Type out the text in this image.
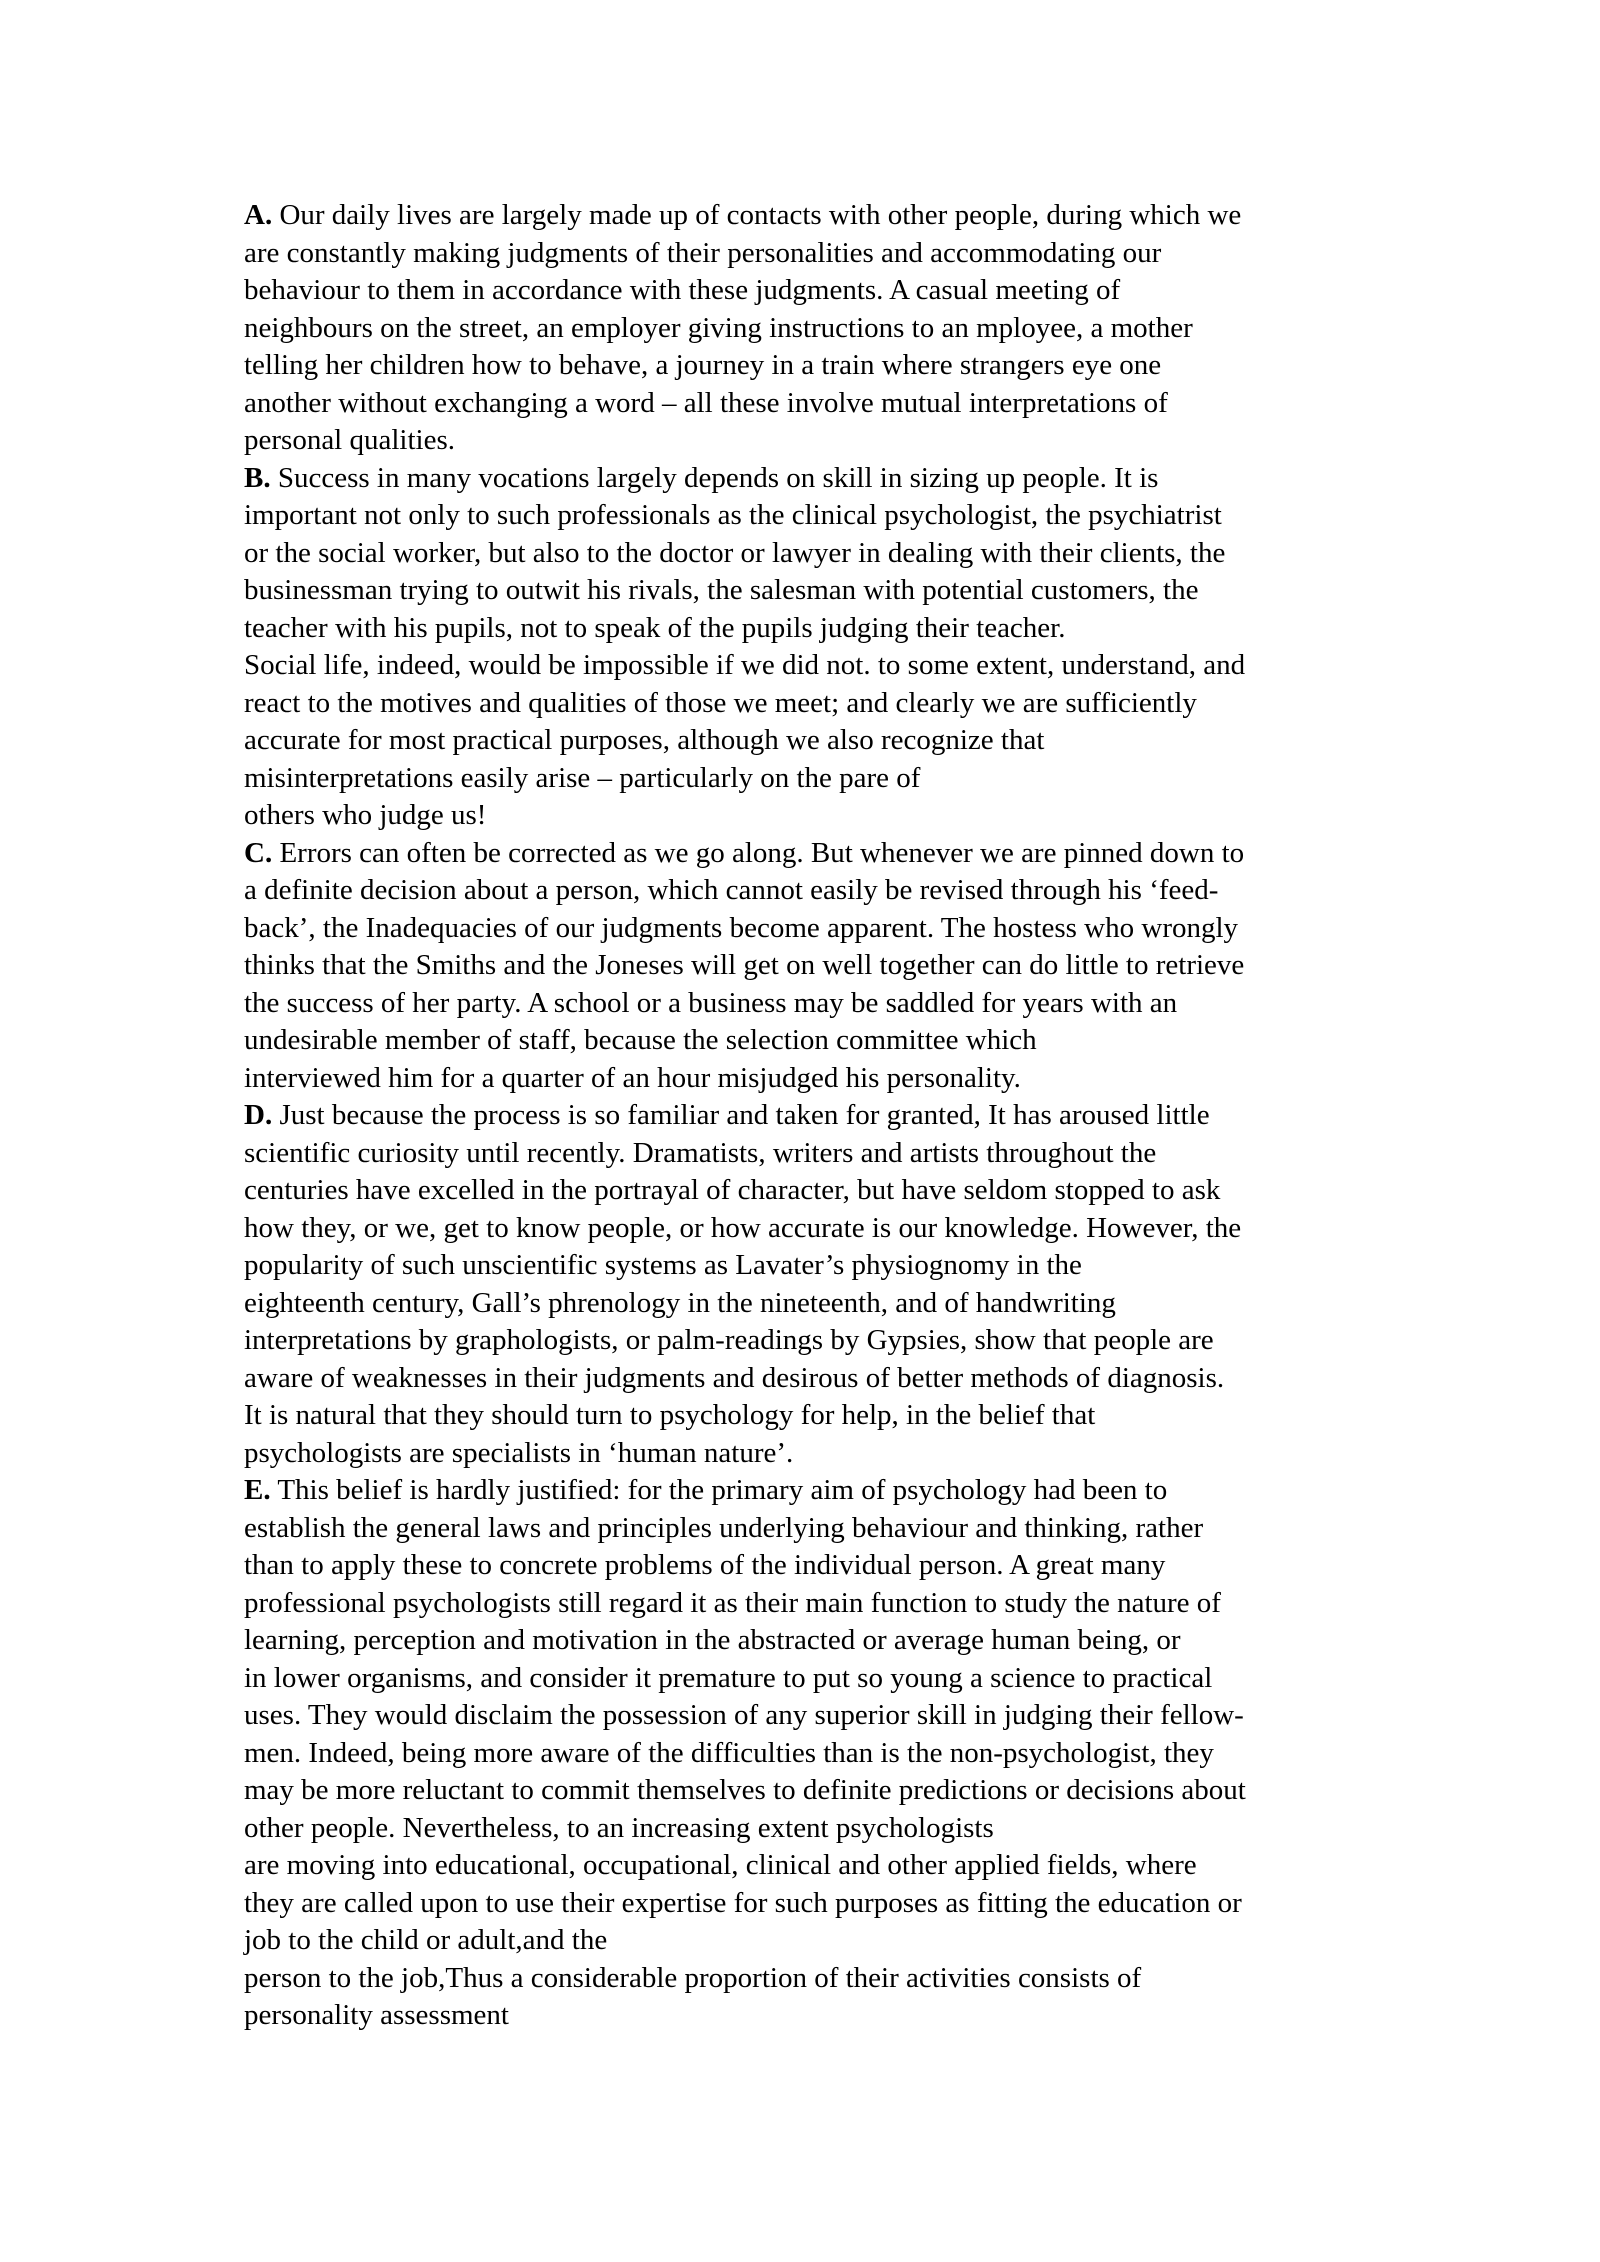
A. Our daily lives are largely made up of contacts with other people, during which we
are constantly making judgments of their personalities and accommodating our
behaviour to them in accordance with these judgments. A casual meeting of
neighbours on the street, an employer giving instructions to an mployee, a mother
telling her children how to behave, a journey in a train where strangers eye one
another without exchanging a word – all these involve mutual interpretations of
personal qualities.
B. Success in many vocations largely depends on skill in sizing up people. It is
important not only to such professionals as the clinical psychologist, the psychiatrist
or the social worker, but also to the doctor or lawyer in dealing with their clients, the
businessman trying to outwit his rivals, the salesman with potential customers, the
teacher with his pupils, not to speak of the pupils judging their teacher.
Social life, indeed, would be impossible if we did not. to some extent, understand, and
react to the motives and qualities of those we meet; and clearly we are sufficiently
accurate for most practical purposes, although we also recognize that
misinterpretations easily arise – particularly on the pare of
others who judge us!
C. Errors can often be corrected as we go along. But whenever we are pinned down to
a definite decision about a person, which cannot easily be revised through his ‘feed-
back’, the Inadequacies of our judgments become apparent. The hostess who wrongly
thinks that the Smiths and the Joneses will get on well together can do little to retrieve
the success of her party. A school or a business may be saddled for years with an
undesirable member of staff, because the selection committee which
interviewed him for a quarter of an hour misjudged his personality.
D. Just because the process is so familiar and taken for granted, It has aroused little
scientific curiosity until recently. Dramatists, writers and artists throughout the
centuries have excelled in the portrayal of character, but have seldom stopped to ask
how they, or we, get to know people, or how accurate is our knowledge. However, the
popularity of such unscientific systems as Lavater’s physiognomy in the
eighteenth century, Gall’s phrenology in the nineteenth, and of handwriting
interpretations by graphologists, or palm-readings by Gypsies, show that people are
aware of weaknesses in their judgments and desirous of better methods of diagnosis.
It is natural that they should turn to psychology for help, in the belief that
psychologists are specialists in ‘human nature’.
E. This belief is hardly justified: for the primary aim of psychology had been to
establish the general laws and principles underlying behaviour and thinking, rather
than to apply these to concrete problems of the individual person. A great many
professional psychologists still regard it as their main function to study the nature of
learning, perception and motivation in the abstracted or average human being, or
in lower organisms, and consider it premature to put so young a science to practical
uses. They would disclaim the possession of any superior skill in judging their fellow-
men. Indeed, being more aware of the difficulties than is the non-psychologist, they
may be more reluctant to commit themselves to definite predictions or decisions about
other people. Nevertheless, to an increasing extent psychologists
are moving into educational, occupational, clinical and other applied fields, where
they are called upon to use their expertise for such purposes as fitting the education or
job to the child or adult,and the
person to the job,Thus a considerable proportion of their activities consists of
personality assessment
